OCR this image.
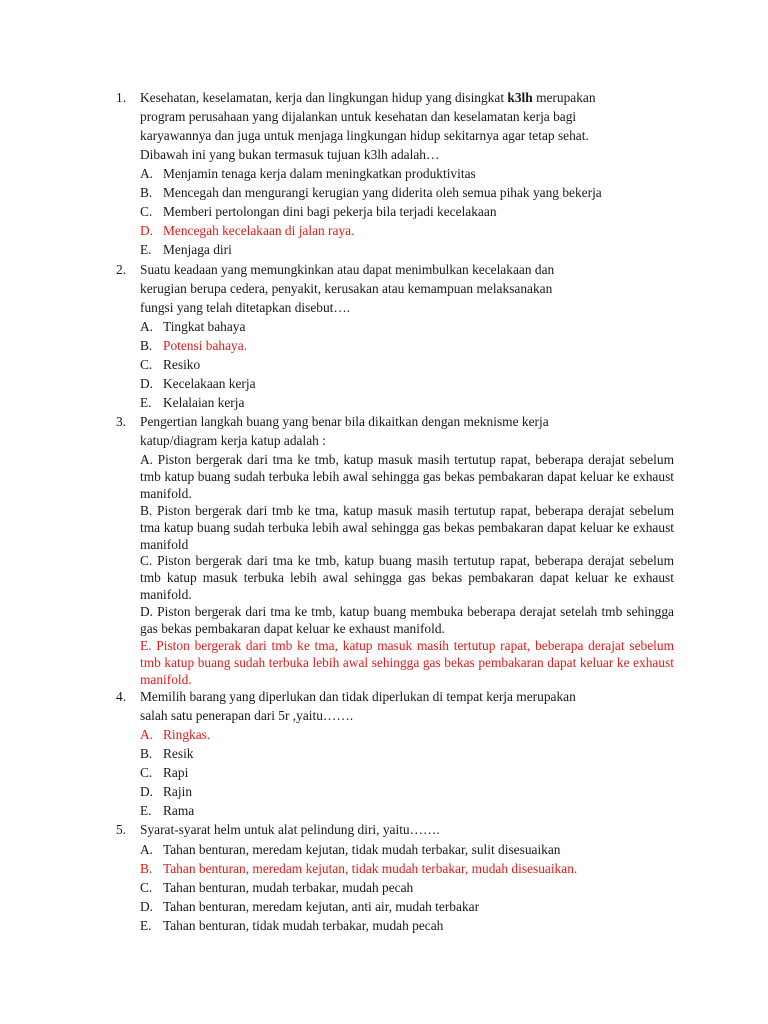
1. Kesehatan, keselamatan, kerja dan lingkungan hidup yang disingkat k3lh merupakan
program perusahaan yang dijalankan untuk kesehatan dan keselamatan kerja bagi
karyawannya dan juga untuk menjaga lingkungan hidup sekitarnya agar tetap sehat.
Dibawah ini yang bukan termasuk tujuan k3lh adalah…
A. Menjamin tenaga kerja dalam meningkatkan produktivitas
B. Mencegah dan mengurangi kerugian yang diderita oleh semua pihak yang bekerja
C. Memberi pertolongan dini bagi pekerja bila terjadi kecelakaan
D. Mencegah kecelakaan di jalan raya.
E. Menjaga diri
2. Suatu keadaan yang memungkinkan atau dapat menimbulkan kecelakaan dan
kerugian berupa cedera, penyakit, kerusakan atau kemampuan melaksanakan
fungsi yang telah ditetapkan disebut….
A. Tingkat bahaya
B. Potensi bahaya.
C. Resiko
D. Kecelakaan kerja
E. Kelalaian kerja
3. Pengertian langkah buang yang benar bila dikaitkan dengan meknisme kerja
katup/diagram kerja katup adalah :
A. Piston bergerak dari tma ke tmb, katup masuk masih tertutup rapat, beberapa derajat sebelum tmb katup buang sudah terbuka lebih awal sehingga gas bekas pembakaran dapat keluar ke exhaust manifold.
B. Piston bergerak dari tmb ke tma, katup masuk masih tertutup rapat, beberapa derajat sebelum tma katup buang sudah terbuka lebih awal sehingga gas bekas pembakaran dapat keluar ke exhaust manifold
C. Piston bergerak dari tma ke tmb, katup buang masih tertutup rapat, beberapa derajat sebelum tmb katup masuk terbuka lebih awal sehingga gas bekas pembakaran dapat keluar ke exhaust manifold.
D. Piston bergerak dari tma ke tmb, katup buang membuka beberapa derajat setelah tmb sehingga gas bekas pembakaran dapat keluar ke exhaust manifold.
E. Piston bergerak dari tmb ke tma, katup masuk masih tertutup rapat, beberapa derajat sebelum tmb katup buang sudah terbuka lebih awal sehingga gas bekas pembakaran dapat keluar ke exhaust manifold.
4. Memilih barang yang diperlukan dan tidak diperlukan di tempat kerja merupakan
salah satu penerapan dari 5r ,yaitu…….
A. Ringkas.
B. Resik
C. Rapi
D. Rajin
E. Rama
5. Syarat-syarat helm untuk alat pelindung diri, yaitu…….
A. Tahan benturan, meredam kejutan, tidak mudah terbakar, sulit disesuaikan
B. Tahan benturan, meredam kejutan, tidak mudah terbakar, mudah disesuaikan.
C. Tahan benturan, mudah terbakar, mudah pecah
D. Tahan benturan, meredam kejutan, anti air, mudah terbakar
E. Tahan benturan, tidak mudah terbakar, mudah pecah
